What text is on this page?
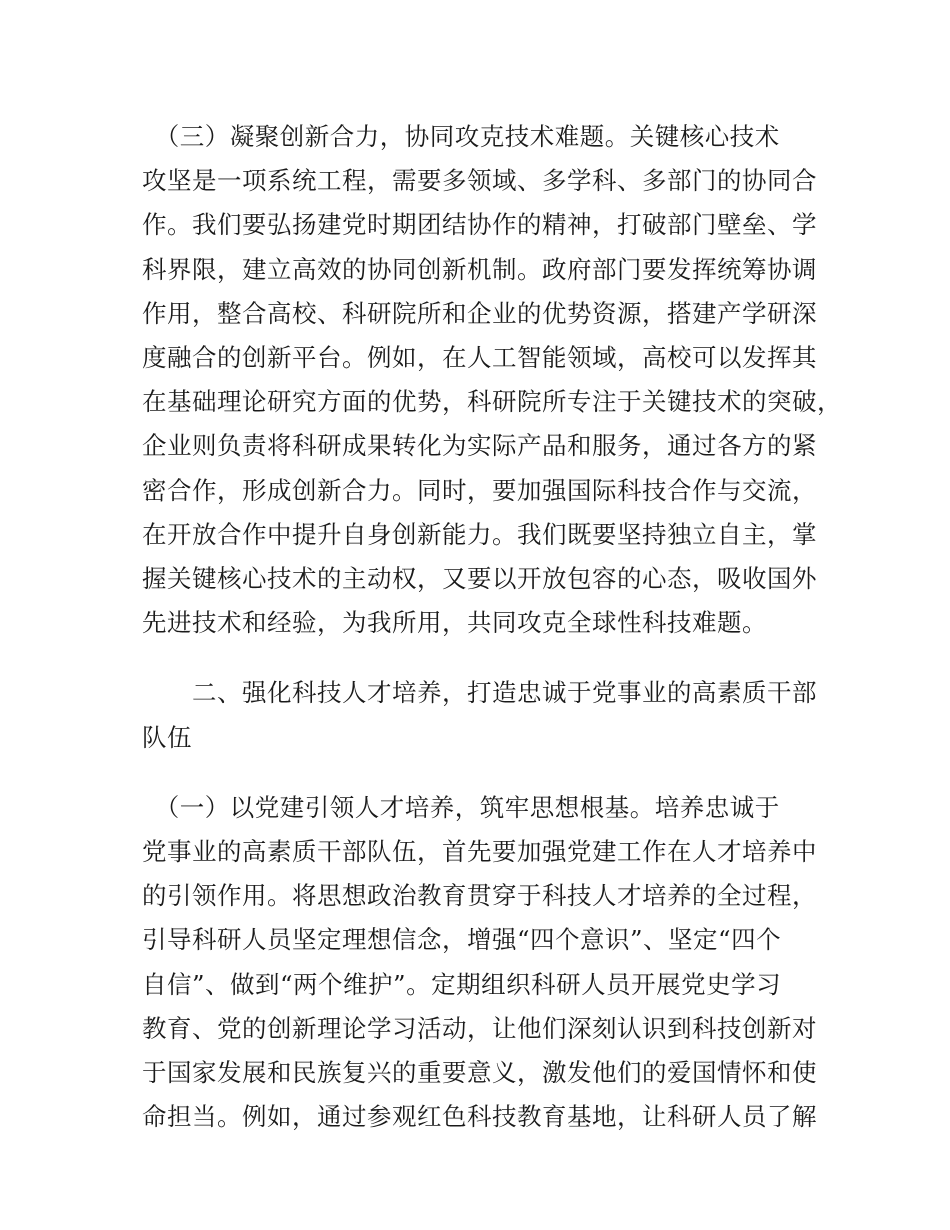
　（三）凝聚创新合力，协同攻克技术难题。关键核心技术
攻坚是一项系统工程，需要多领域、多学科、多部门的协同合
作。我们要弘扬建党时期团结协作的精神，打破部门壁垒、学
科界限，建立高效的协同创新机制。政府部门要发挥统筹协调
作用，整合高校、科研院所和企业的优势资源，搭建产学研深
度融合的创新平台。例如，在人工智能领域，高校可以发挥其
在基础理论研究方面的优势，科研院所专注于关键技术的突破，
企业则负责将科研成果转化为实际产品和服务，通过各方的紧
密合作，形成创新合力。同时，要加强国际科技合作与交流，
在开放合作中提升自身创新能力。我们既要坚持独立自主，掌
握关键核心技术的主动权，又要以开放包容的心态，吸收国外
先进技术和经验，为我所用，共同攻克全球性科技难题。

　　二、强化科技人才培养，打造忠诚于党事业的高素质干部
队伍

　（一）以党建引领人才培养，筑牢思想根基。培养忠诚于
党事业的高素质干部队伍，首先要加强党建工作在人才培养中
的引领作用。将思想政治教育贯穿于科技人才培养的全过程，
引导科研人员坚定理想信念，增强“四个意识”、坚定“四个
自信”、做到“两个维护”。定期组织科研人员开展党史学习
教育、党的创新理论学习活动，让他们深刻认识到科技创新对
于国家发展和民族复兴的重要意义，激发他们的爱国情怀和使
命担当。例如，通过参观红色科技教育基地，让科研人员了解
